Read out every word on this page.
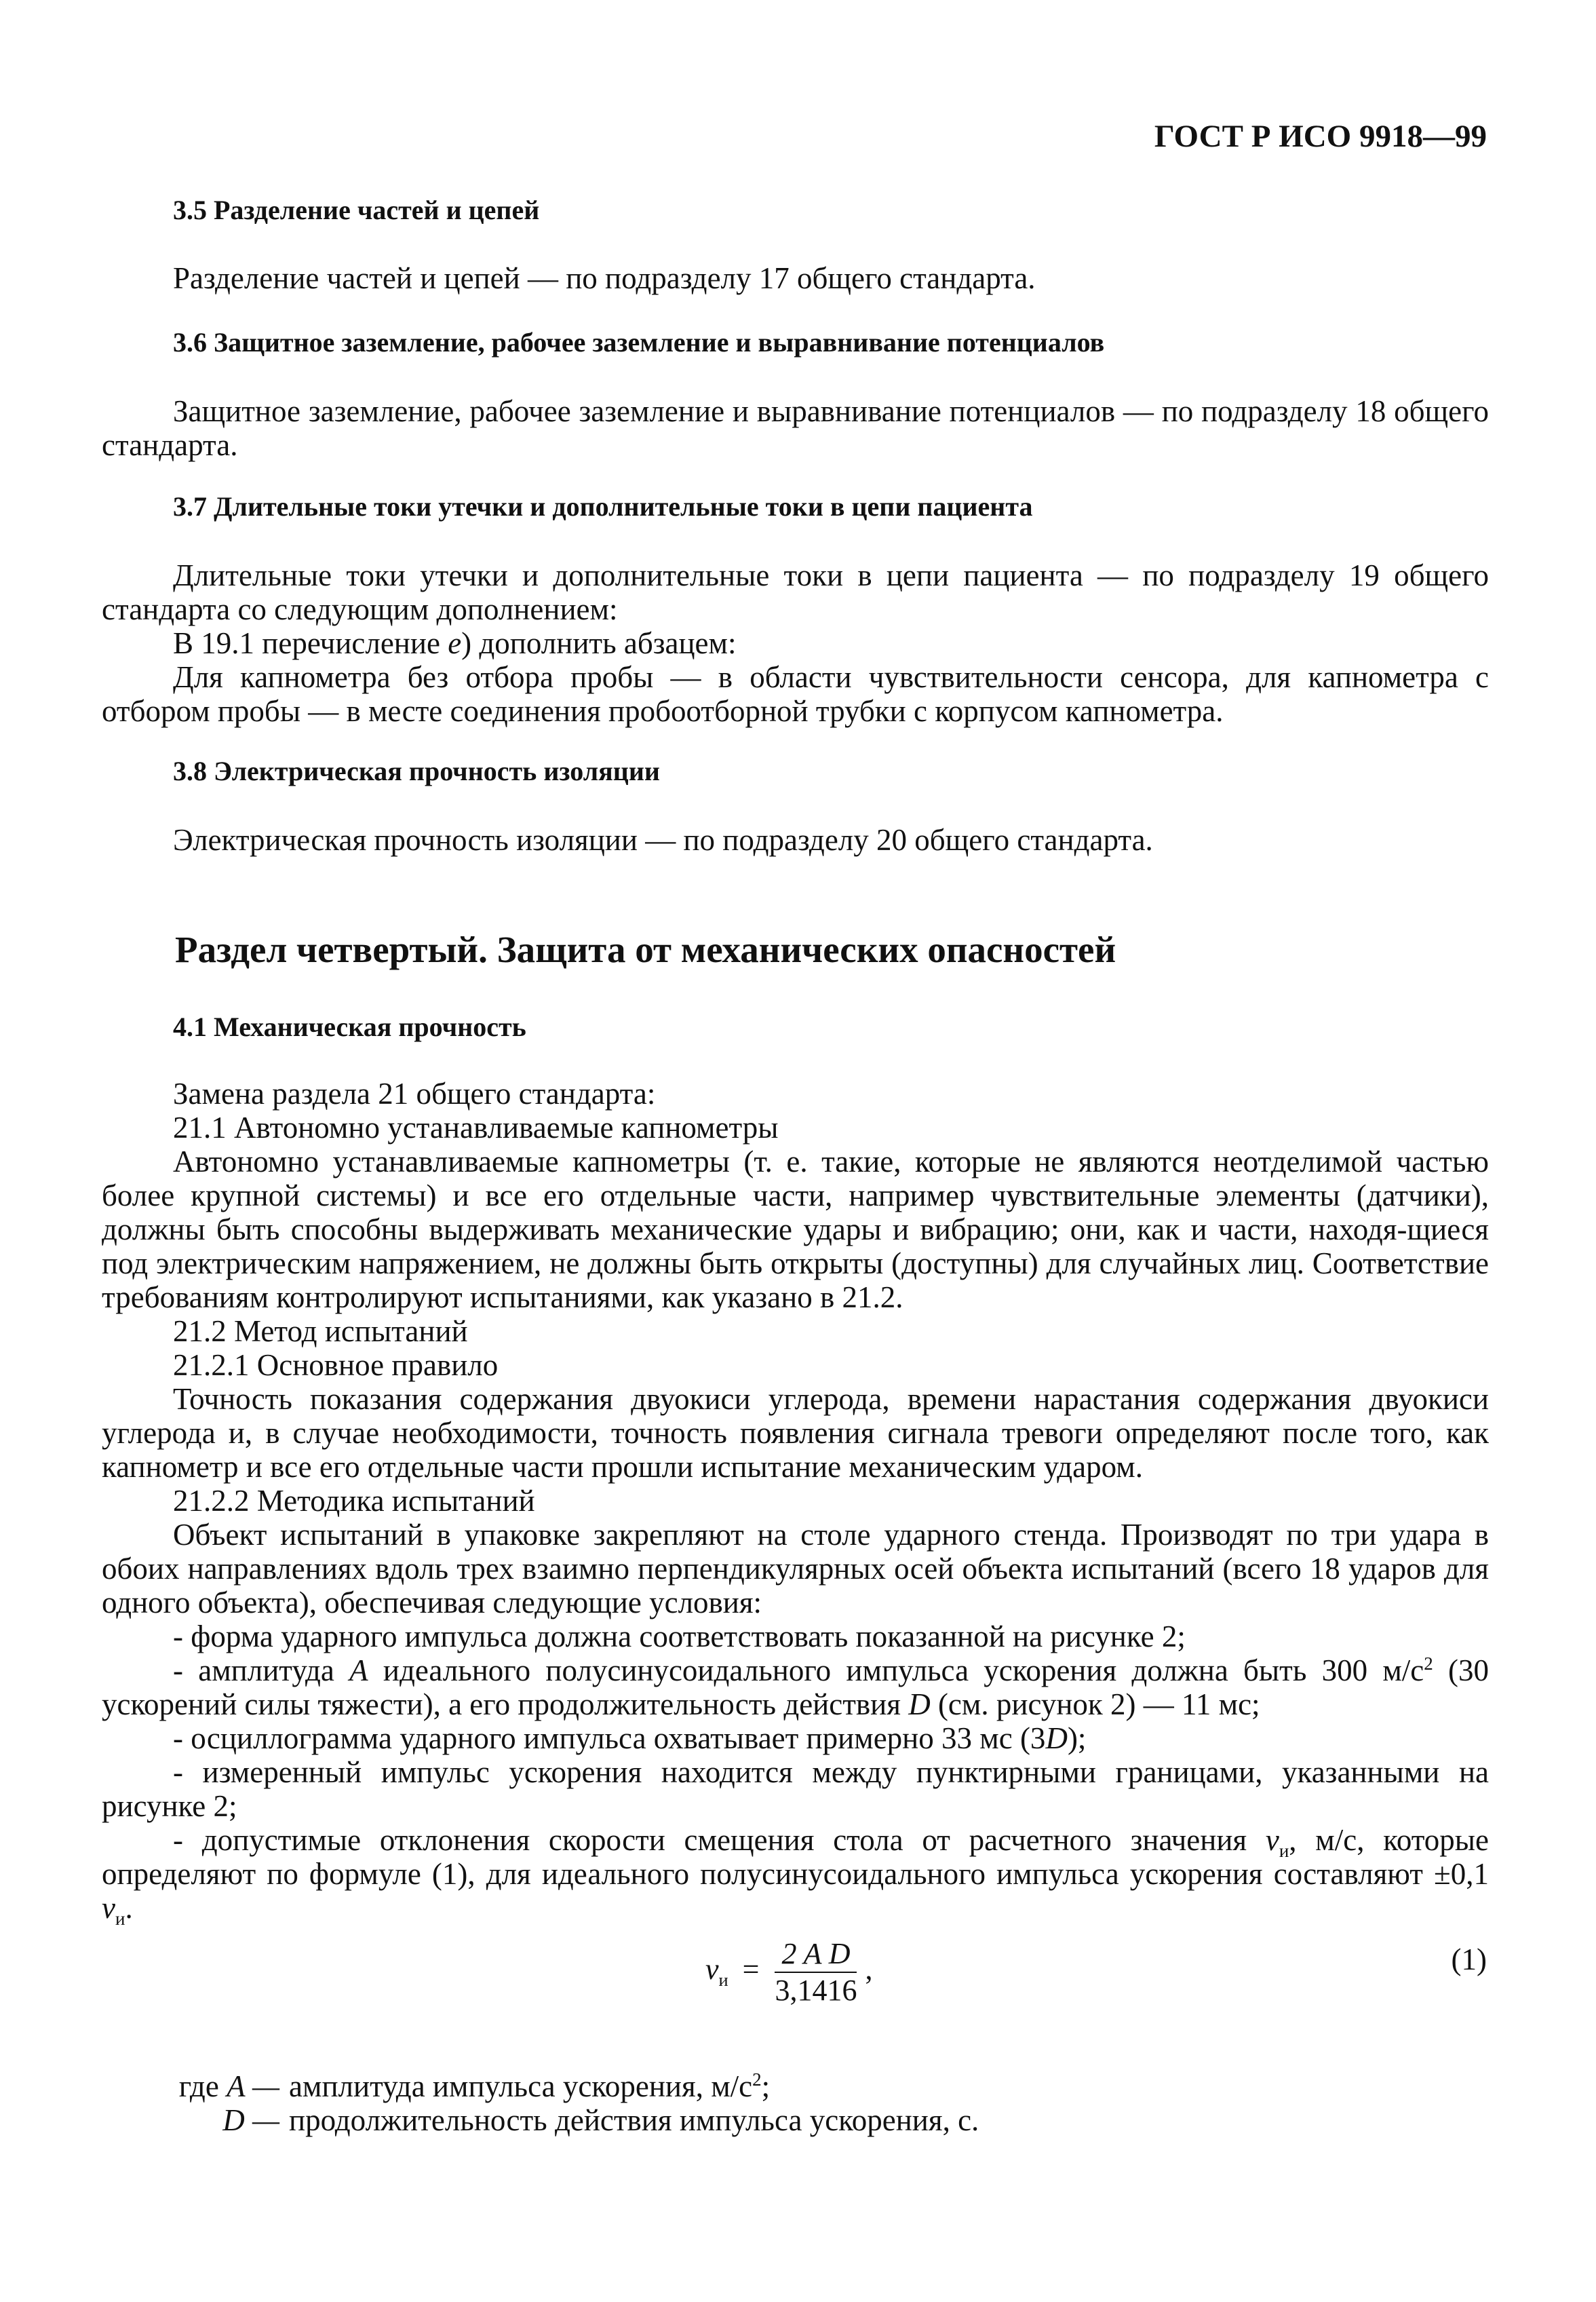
ГОСТ Р ИСО 9918—99
3.5 Разделение частей и цепей

Разделение частей и цепей — по подразделу 17 общего стандарта.

3.6 Защитное заземление, рабочее заземление и выравнивание потенциалов

Защитное заземление, рабочее заземление и выравнивание потенциалов — по подразделу 18 общего стандарта.

3.7 Длительные токи утечки и дополнительные токи в цепи пациента

Длительные токи утечки и дополнительные токи в цепи пациента — по подразделу 19 общего стандарта со следующим дополнением:

В 19.1 перечисление е) дополнить абзацем:

Для капнометра без отбора пробы — в области чувствительности сенсора, для капнометра с отбором пробы — в месте соединения пробоотборной трубки с корпусом капнометра.

3.8 Электрическая прочность изоляции

Электрическая прочность изоляции — по подразделу 20 общего стандарта.

Раздел четвертый. Защита от механических опасностей
4.1 Механическая прочность

Замена раздела 21 общего стандарта:

21.1 Автономно устанавливаемые капнометры

Автономно устанавливаемые капнометры (т. е. такие, которые не являются неотделимой частью более крупной системы) и все его отдельные части, например чувствительные элементы (датчики), должны быть способны выдерживать механические удары и вибрацию; они, как и части, находя-щиеся под электрическим напряжением, не должны быть открыты (доступны) для случайных лиц. Соответствие требованиям контролируют испытаниями, как указано в 21.2.

21.2 Метод испытаний

21.2.1 Основное правило

Точность показания содержания двуокиси углерода, времени нарастания содержания двуокиси углерода и, в случае необходимости, точность появления сигнала тревоги определяют после того, как капнометр и все его отдельные части прошли испытание механическим ударом.

21.2.2 Методика испытаний

Объект испытаний в упаковке закрепляют на столе ударного стенда. Производят по три удара в обоих направлениях вдоль трех взаимно перпендикулярных осей объекта испытаний (всего 18 ударов для одного объекта), обеспечивая следующие условия:

- форма ударного импульса должна соответствовать показанной на рисунке 2;

- амплитуда A идеального полусинусоидального импульса ускорения должна быть 300 $м/с^2$ (30 ускорений силы тяжести), а его продолжительность действия D (см. рисунок 2) — 11 мс;

- осциллограмма ударного импульса охватывает примерно 33 мс (3D);

- измеренный импульс ускорения находится между пунктирными границами, указанными на рисунке 2;

- допустимые отклонения скорости смещения стола от расчетного значения $v_и$, м/с, которые определяют по формуле (1), для идеального полусинусоидального импульса ускорения составляют ±0,1 $v_и$.

$v_и = \frac{\text{2 A D}}{3,1416}$ ,	(1)
где A — амплитуда импульса ускорения, $м/с^2$;
D — продолжительность действия импульса ускорения, с.
